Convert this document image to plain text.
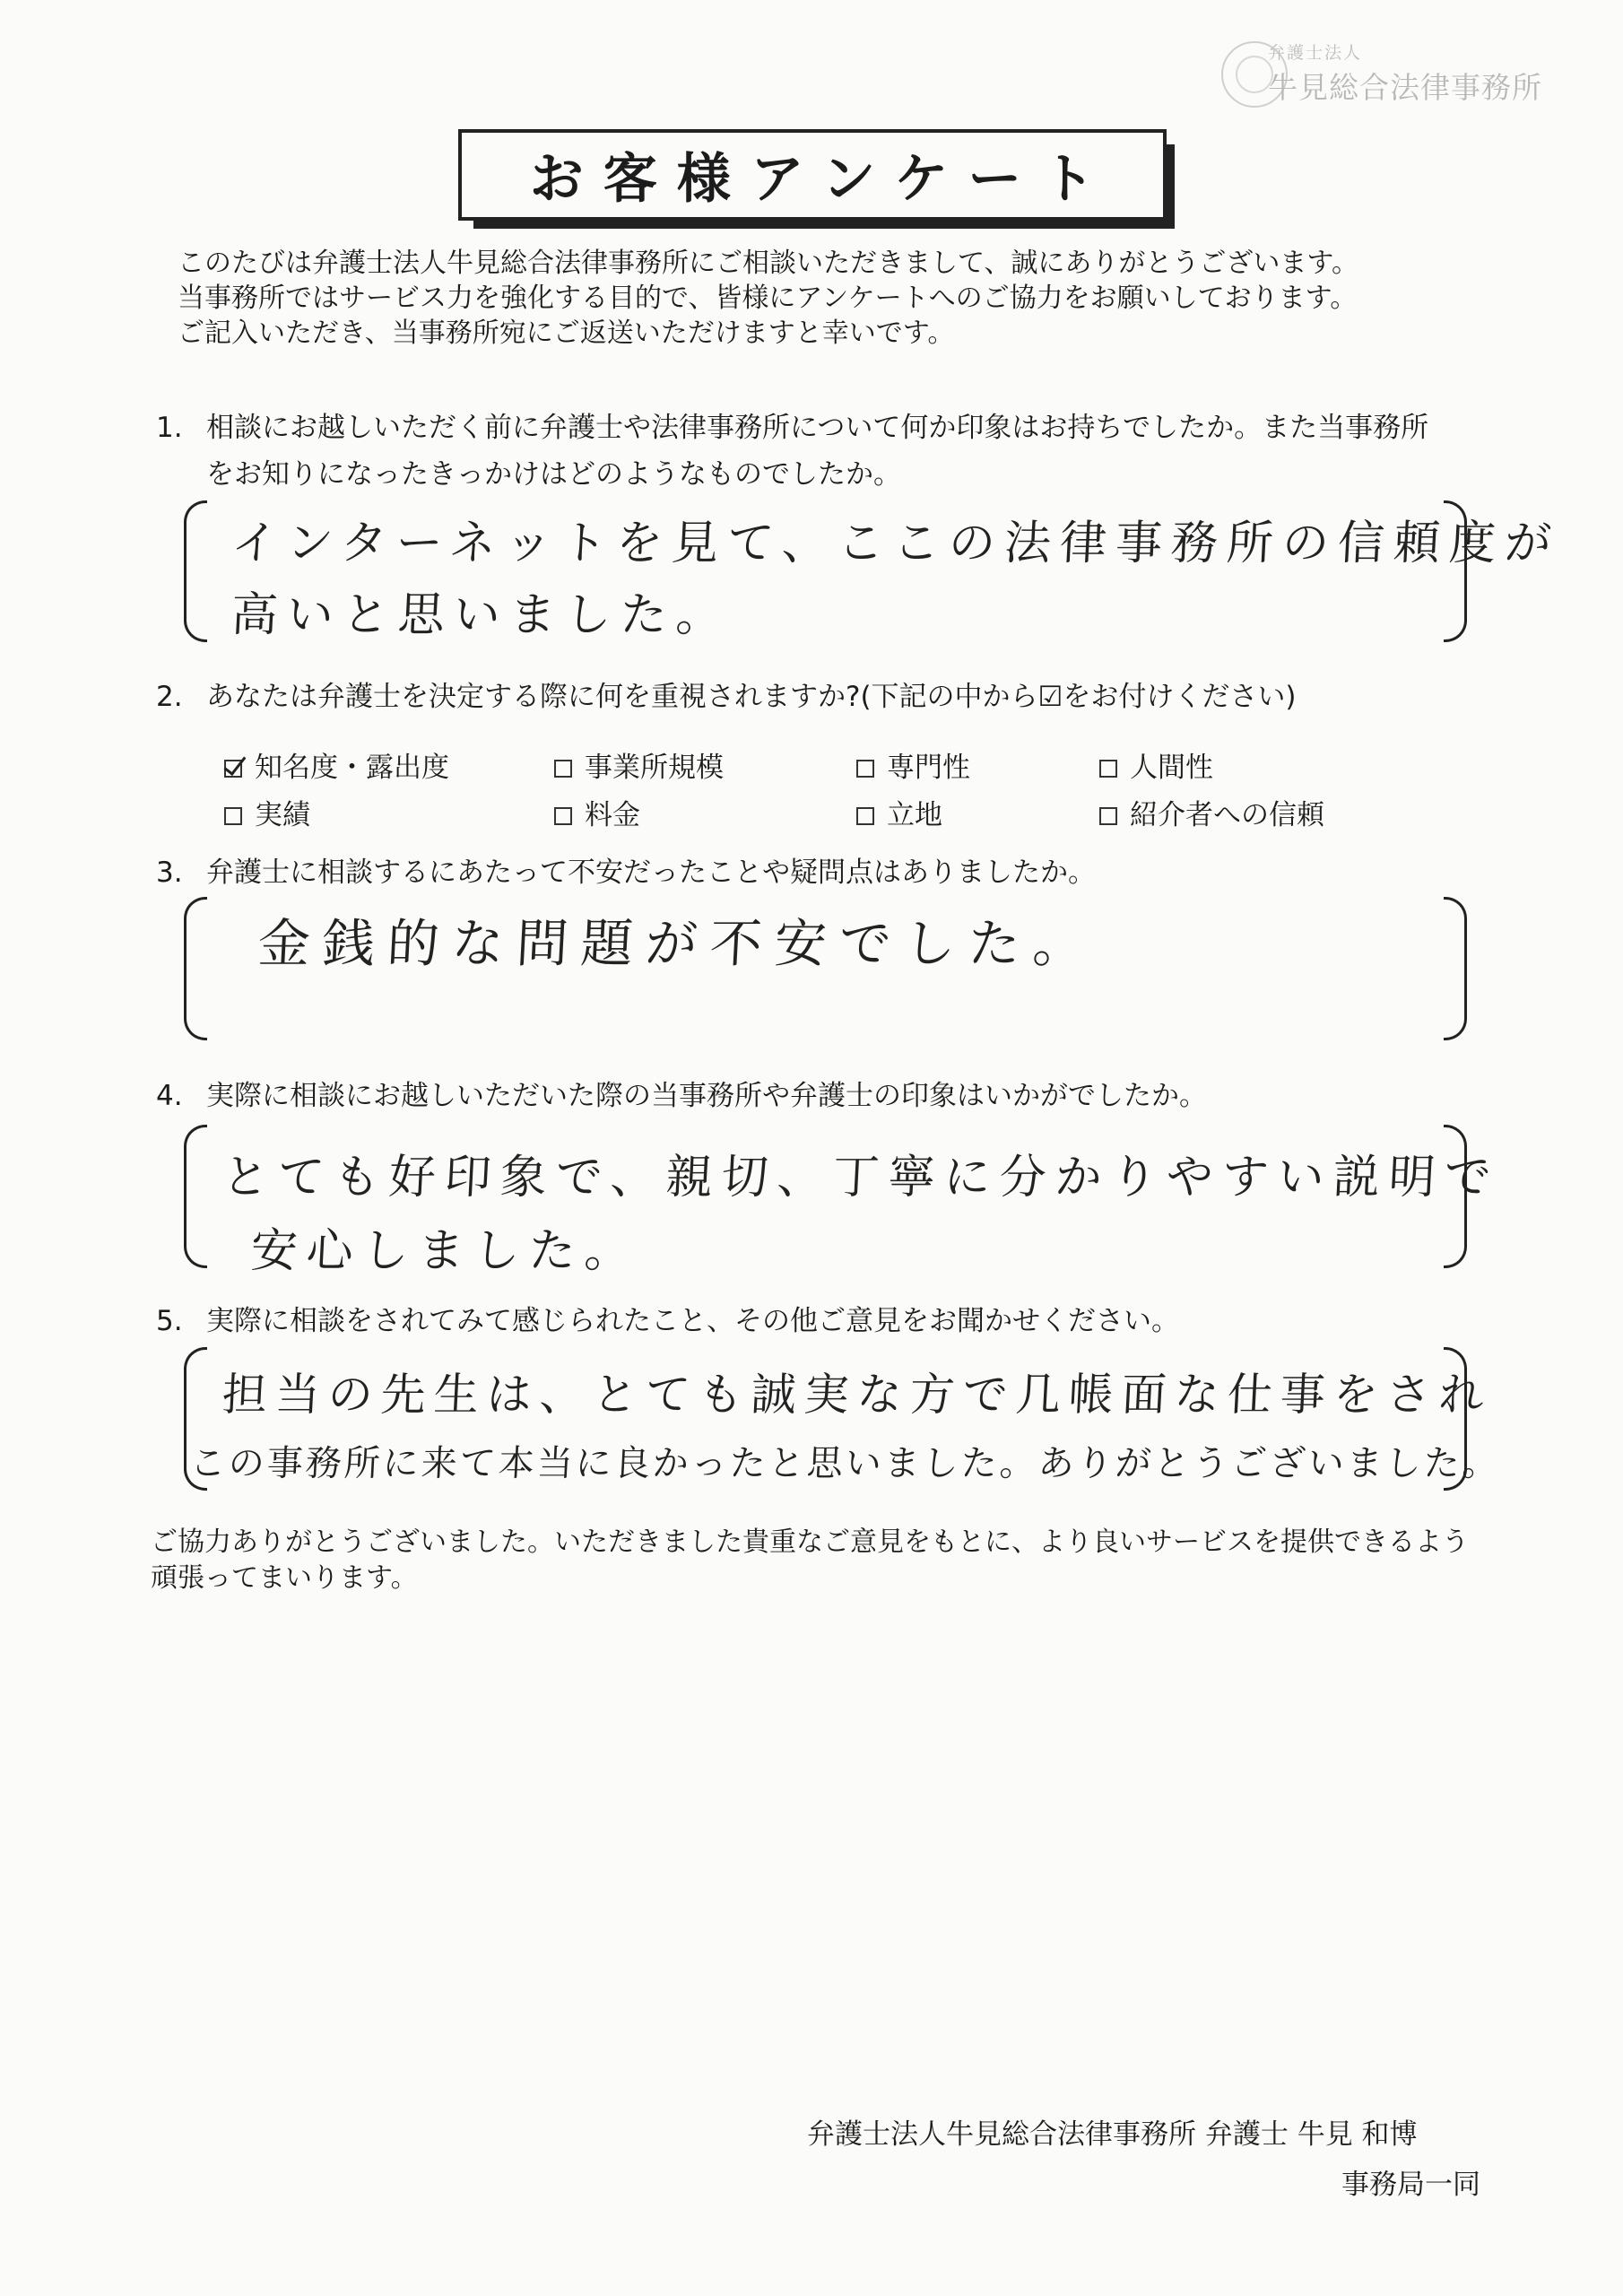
弁護士法人
牛見総合法律事務所
お客様アンケート
このたびは弁護士法人牛見総合法律事務所にご相談いただきまして、誠にありがとうございます。
当事務所ではサービス力を強化する目的で、皆様にアンケートへのご協力をお願いしております。
ご記入いただき、当事務所宛にご返送いただけますと幸いです。
1. 相談にお越しいただく前に弁護士や法律事務所について何か印象はお持ちでしたか。また当事務所
をお知りになったきっかけはどのようなものでしたか。
インターネットを見て、ここの法律事務所の信頼度が
高いと思いました。
2. あなたは弁護士を決定する際に何を重視されますか?(下記の中から☑をお付けください)
知名度・露出度	事業所規模	専門性	人間性
実績	料金	立地	紹介者への信頼
3. 弁護士に相談するにあたって不安だったことや疑問点はありましたか。
金銭的な問題が不安でした。
4. 実際に相談にお越しいただいた際の当事務所や弁護士の印象はいかがでしたか。
とても好印象で、親切、丁寧に分かりやすい説明で
安心しました。
5. 実際に相談をされてみて感じられたこと、その他ご意見をお聞かせください。
担当の先生は、とても誠実な方で几帳面な仕事をされ
この事務所に来て本当に良かったと思いました。ありがとうございました。
ご協力ありがとうございました。いただきました貴重なご意見をもとに、より良いサービスを提供できるよう
頑張ってまいります。
弁護士法人牛見総合法律事務所 弁護士 牛見 和博
事務局一同
